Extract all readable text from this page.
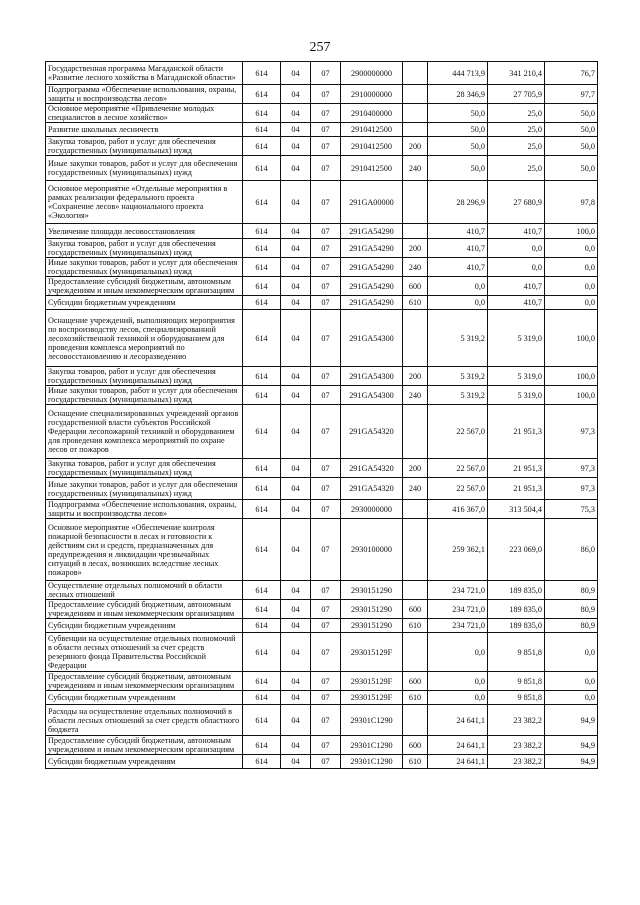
257
Государственная программа Магаданской области «Развитие лесного хозяйства в Магаданской области»	614	04	07	2900000000		444 713,9	341 210,4	76,7
Подпрограмма «Обеспечение использования, охраны, защиты и воспроизводства лесов»	614	04	07	2910000000		28 346,9	27 705,9	97,7
Основное мероприятие «Привлечение молодых специалистов в лесное хозяйство»	614	04	07	2910400000		50,0	25,0	50,0
Развитие школьных лесничеств	614	04	07	2910412500		50,0	25,0	50,0
Закупка товаров, работ и услуг для обеспечения государственных (муниципальных) нужд	614	04	07	2910412500	200	50,0	25,0	50,0
Иные закупки товаров, работ и услуг для обеспечения государственных (муниципальных) нужд	614	04	07	2910412500	240	50,0	25,0	50,0
Основное мероприятие «Отдельные мероприятия в рамках реализации федерального проекта «Сохранение лесов» национального проекта «Экология»	614	04	07	291GA00000		28 296,9	27 680,9	97,8
Увеличение площади лесовосстановления	614	04	07	291GA54290		410,7	410,7	100,0
Закупка товаров, работ и услуг для обеспечения государственных (муниципальных) нужд	614	04	07	291GA54290	200	410,7	0,0	0,0
Иные закупки товаров, работ и услуг для обеспечения государственных (муниципальных) нужд	614	04	07	291GA54290	240	410,7	0,0	0,0
Предоставление субсидий бюджетным, автономным учреждениям и иным некоммерческим организациям	614	04	07	291GA54290	600	0,0	410,7	0,0
Субсидии бюджетным учреждениям	614	04	07	291GA54290	610	0,0	410,7	0,0
Оснащение учреждений, выполняющих мероприятия по воспроизводству лесов, специализированной лесохозяйственной техникой и оборудованием для проведения комплекса мероприятий по лесовосстановлению и лесоразведению	614	04	07	291GA54300		5 319,2	5 319,0	100,0
Закупка товаров, работ и услуг для обеспечения государственных (муниципальных) нужд	614	04	07	291GA54300	200	5 319,2	5 319,0	100,0
Иные закупки товаров, работ и услуг для обеспечения государственных (муниципальных) нужд	614	04	07	291GA54300	240	5 319,2	5 319,0	100,0
Оснащение специализированных учреждений органов государственной власти субъектов Российской Федерации лесопожарной техникой и оборудованием для проведения комплекса мероприятий по охране лесов от пожаров	614	04	07	291GA54320		22 567,0	21 951,3	97,3
Закупка товаров, работ и услуг для обеспечения государственных (муниципальных) нужд	614	04	07	291GA54320	200	22 567,0	21 951,3	97,3
Иные закупки товаров, работ и услуг для обеспечения государственных (муниципальных) нужд	614	04	07	291GA54320	240	22 567,0	21 951,3	97,3
Подпрограмма «Обеспечение использования, охраны, защиты и воспроизводства лесов»	614	04	07	2930000000		416 367,0	313 504,4	75,3
Основное мероприятие «Обеспечение контроля пожарной безопасности в лесах и готовности к действиям сил и средств, предназначенных для предупреждения и ликвидации чрезвычайных ситуаций в лесах, возникших вследствие лесных пожаров»	614	04	07	2930100000		259 362,1	223 069,0	86,0
Осуществление отдельных полномочий в области лесных отношений	614	04	07	2930151290		234 721,0	189 835,0	80,9
Предоставление субсидий бюджетным, автономным учреждениям и иным некоммерческим организациям	614	04	07	2930151290	600	234 721,0	189 835,0	80,9
Субсидии бюджетным учреждениям	614	04	07	2930151290	610	234 721,0	189 835,0	80,9
Субвенции на осуществление отдельных полномочий в области лесных отношений за счет средств резервного фонда Правительства Российской Федерации	614	04	07	293015129F		0,0	9 851,8	0,0
Предоставление субсидий бюджетным, автономным учреждениям и иным некоммерческим организациям	614	04	07	293015129F	600	0,0	9 851,8	0,0
Субсидии бюджетным учреждениям	614	04	07	293015129F	610	0,0	9 851,8	0,0
Расходы на осуществление отдельных полномочий в области лесных отношений за счет средств областного бюджета	614	04	07	29301C1290		24 641,1	23 382,2	94,9
Предоставление субсидий бюджетным, автономным учреждениям и иным некоммерческим организациям	614	04	07	29301C1290	600	24 641,1	23 382,2	94,9
Субсидии бюджетным учреждениям	614	04	07	29301C1290	610	24 641,1	23 382,2	94,9
